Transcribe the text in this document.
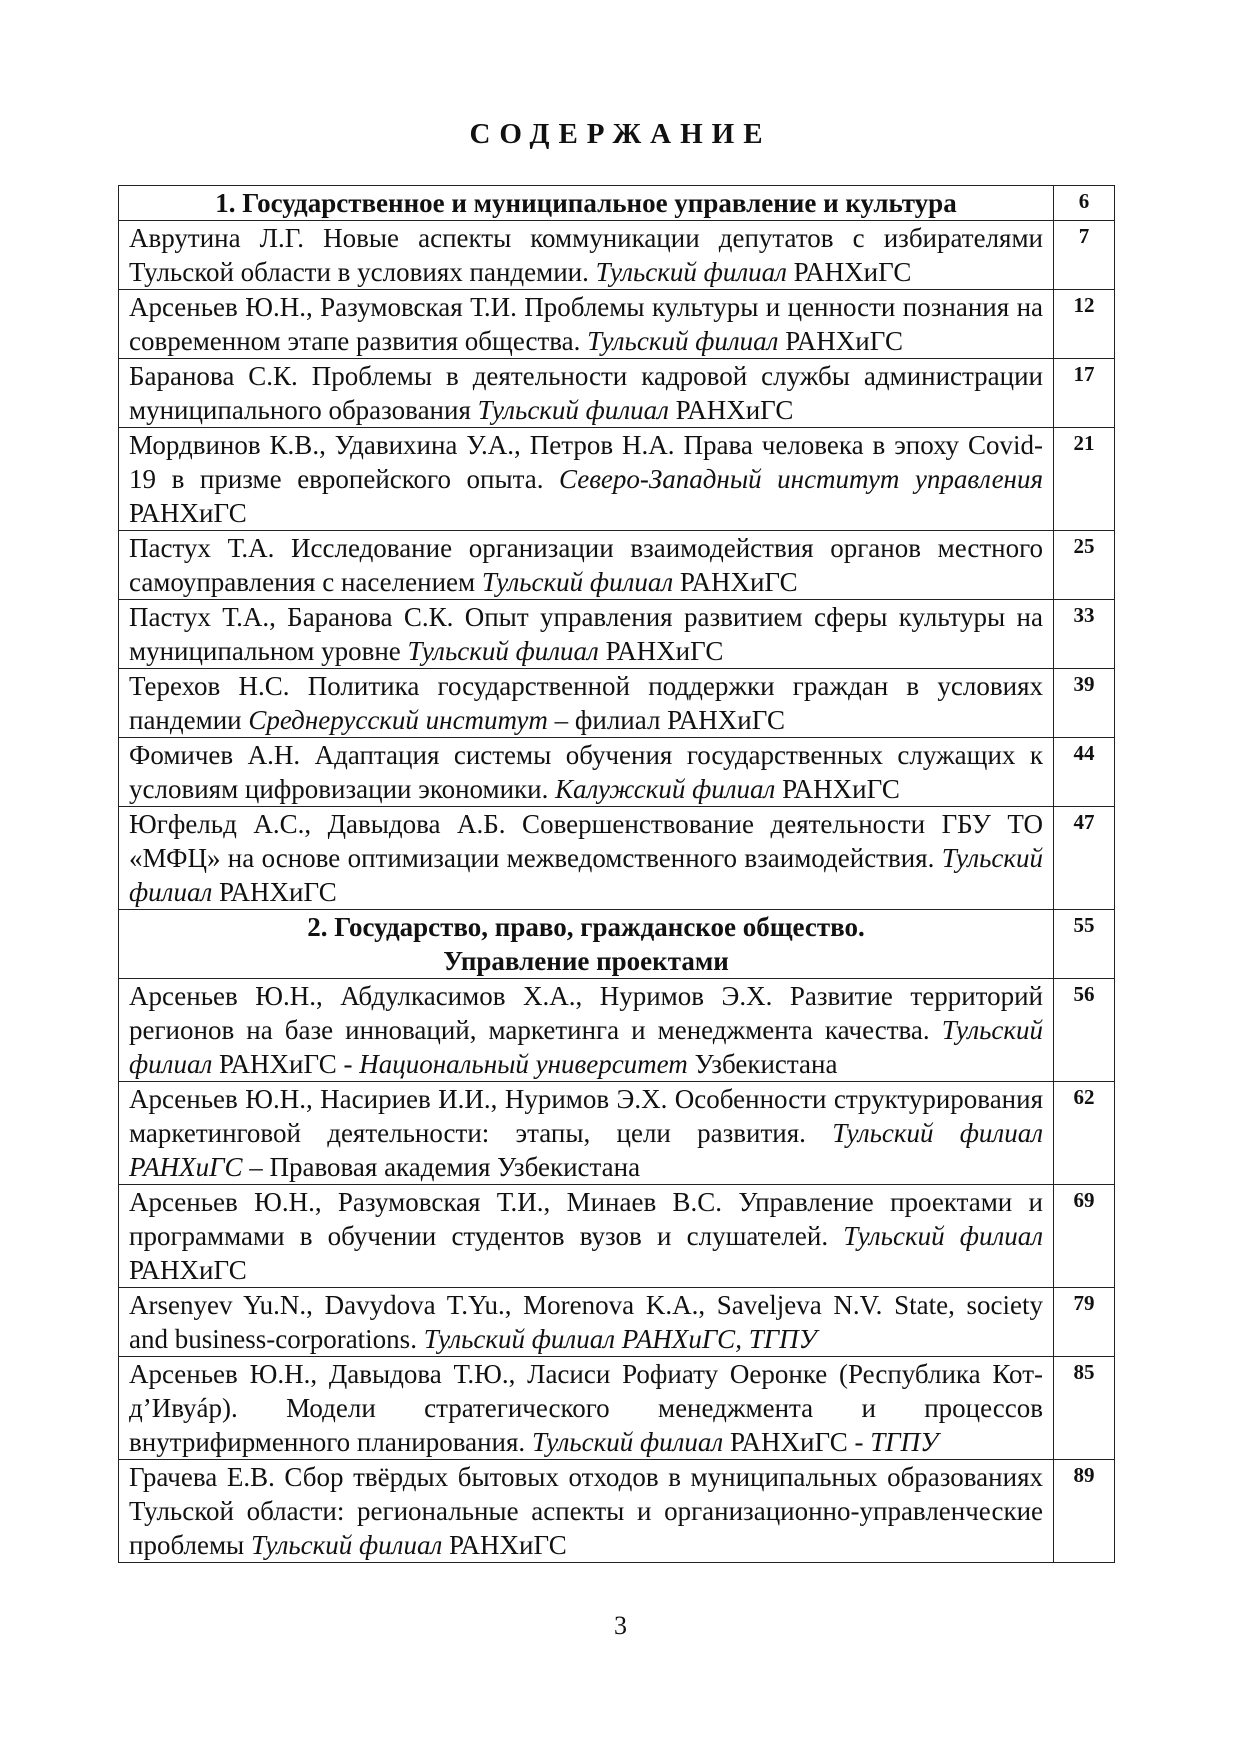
СОДЕРЖАНИЕ
1. Государственное и муниципальное управление и культура	6
Аврутина Л.Г. Новые аспекты коммуникации депутатов с избирателями Тульской области в условиях пандемии. Тульский филиал РАНХиГС	7
Арсеньев Ю.Н., Разумовская Т.И. Проблемы культуры и ценности познания на современном этапе развития общества. Тульский филиал РАНХиГС	12
Баранова С.К. Проблемы в деятельности кадровой службы администрации муниципального образования Тульский филиал РАНХиГС	17
Мордвинов К.В., Удавихина У.А., Петров Н.А. Права человека в эпоху Covid-19 в призме европейского опыта. Северо-Западный институт управления РАНХиГС	21
Пастух Т.А. Исследование организации взаимодействия органов местного самоуправления с населением Тульский филиал РАНХиГС	25
Пастух Т.А., Баранова С.К. Опыт управления развитием сферы культуры на муниципальном уровне Тульский филиал РАНХиГС	33
Терехов Н.С. Политика государственной поддержки граждан в условиях пандемии Среднерусский институт – филиал РАНХиГС	39
Фомичев А.Н. Адаптация системы обучения государственных служащих к условиям цифровизации экономики. Калужский филиал РАНХиГС	44
Югфельд А.С., Давыдова А.Б. Совершенствование деятельности ГБУ ТО «МФЦ» на основе оптимизации межведомственного взаимодействия. Тульский филиал РАНХиГС	47

2. Государство, право, гражданское общество.
Управление проектами	55
Арсеньев Ю.Н., Абдулкасимов Х.А., Нуримов Э.Х. Развитие территорий регионов на базе инноваций, маркетинга и менеджмента качества. Тульский филиал РАНХиГС - Национальный университет Узбекистана	56
Арсеньев Ю.Н., Насириев И.И., Нуримов Э.Х. Особенности структурирования маркетинговой деятельности: этапы, цели развития. Тульский филиал РАНХиГС – Правовая академия Узбекистана	62
Арсеньев Ю.Н., Разумовская Т.И., Минаев В.С. Управление проектами и программами в обучении студентов вузов и слушателей. Тульский филиал РАНХиГС	69
Arsenyev Yu.N., Davydova T.Yu., Morenova K.A., Saveljeva N.V. State, society and business-corporations. Тульский филиал РАНХиГС, ТГПУ	79
Арсеньев Ю.Н., Давыдова Т.Ю., Ласиси Рофиату Оеронке (Республика Кот-д’Ивуáр). Модели стратегического менеджмента и процессов внутрифирменного планирования. Тульский филиал РАНХиГС - ТГПУ	85
Грачева Е.В. Сбор твёрдых бытовых отходов в муниципальных образованиях Тульской области: региональные аспекты и организационно-управленческие проблемы Тульский филиал РАНХиГС	89
3
